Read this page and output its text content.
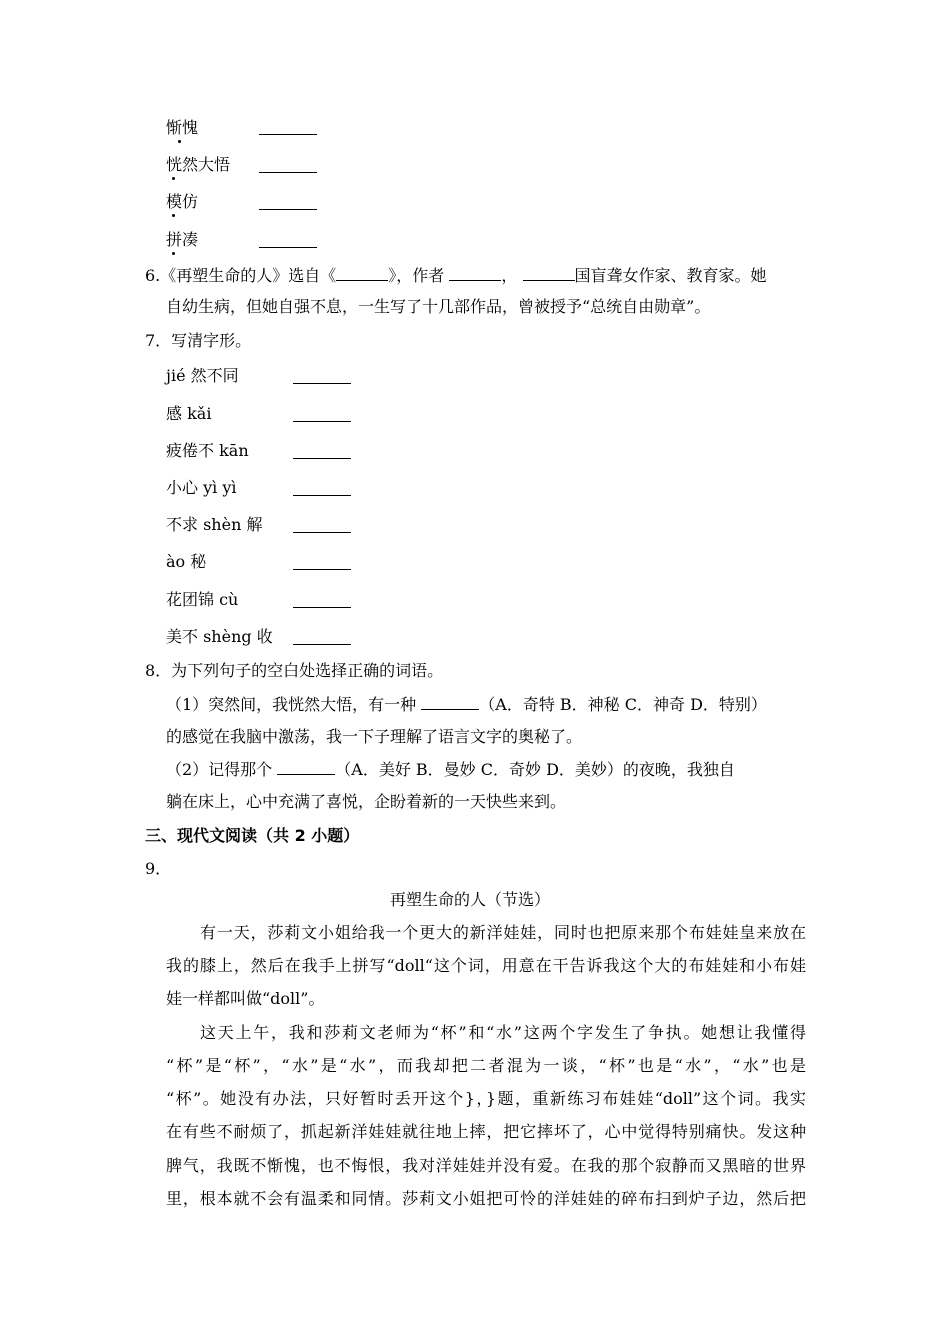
惭愧
恍然大悟
模仿
拼凑
6.《再塑生命的人》选自《	》，作者	，	国盲聋女作家、教育家。她
自幼生病，但她自强不息，一生写了十几部作品，曾被授予“总统自由勋章”。
7．写清字形。
jié 然不同
感 kǎi
疲倦不 kān
小心 yì yì
不求 shèn 解
ào 秘
花团锦 cù
美不 shèng 收
8．为下列句子的空白处选择正确的词语。
（1）突然间，我恍然大悟，有一种	（A．奇特 B．神秘 C．神奇 D．特别）
的感觉在我脑中激荡，我一下子理解了语言文字的奥秘了。
（2）记得那个	（A．美好 B．曼妙 C．奇妙 D．美妙）的夜晚，我独自
躺在床上，心中充满了喜悦，企盼着新的一天快些来到。
三、现代文阅读（共 2 小题）
9．
再塑生命的人（节选）
有一天，莎莉文小姐给我一个更大的新洋娃娃，同时也把原来那个布娃娃皇来放在
我的膝上，然后在我手上拼写“doll“这个词，用意在干告诉我这个大的布娃娃和小布娃
娃一样都叫做“doll”。
这天上午，我和莎莉文老师为“杯”和“水”这两个字发生了争执。她想让我懂得
“杯”是“杯”，“水”是“水”，而我却把二者混为一谈，“杯”也是“水”，“水”也是
“杯”。她没有办法，只好暂时丢开这个}，}题，重新练习布娃娃“doll”这个词。我实
在有些不耐烦了，抓起新洋娃娃就往地上摔，把它摔坏了，心中觉得特别痛快。发这种
脾气，我既不惭愧，也不悔恨，我对洋娃娃并没有爱。在我的那个寂静而又黑暗的世界
里，根本就不会有温柔和同情。莎莉文小姐把可怜的洋娃娃的碎布扫到炉子边，然后把
